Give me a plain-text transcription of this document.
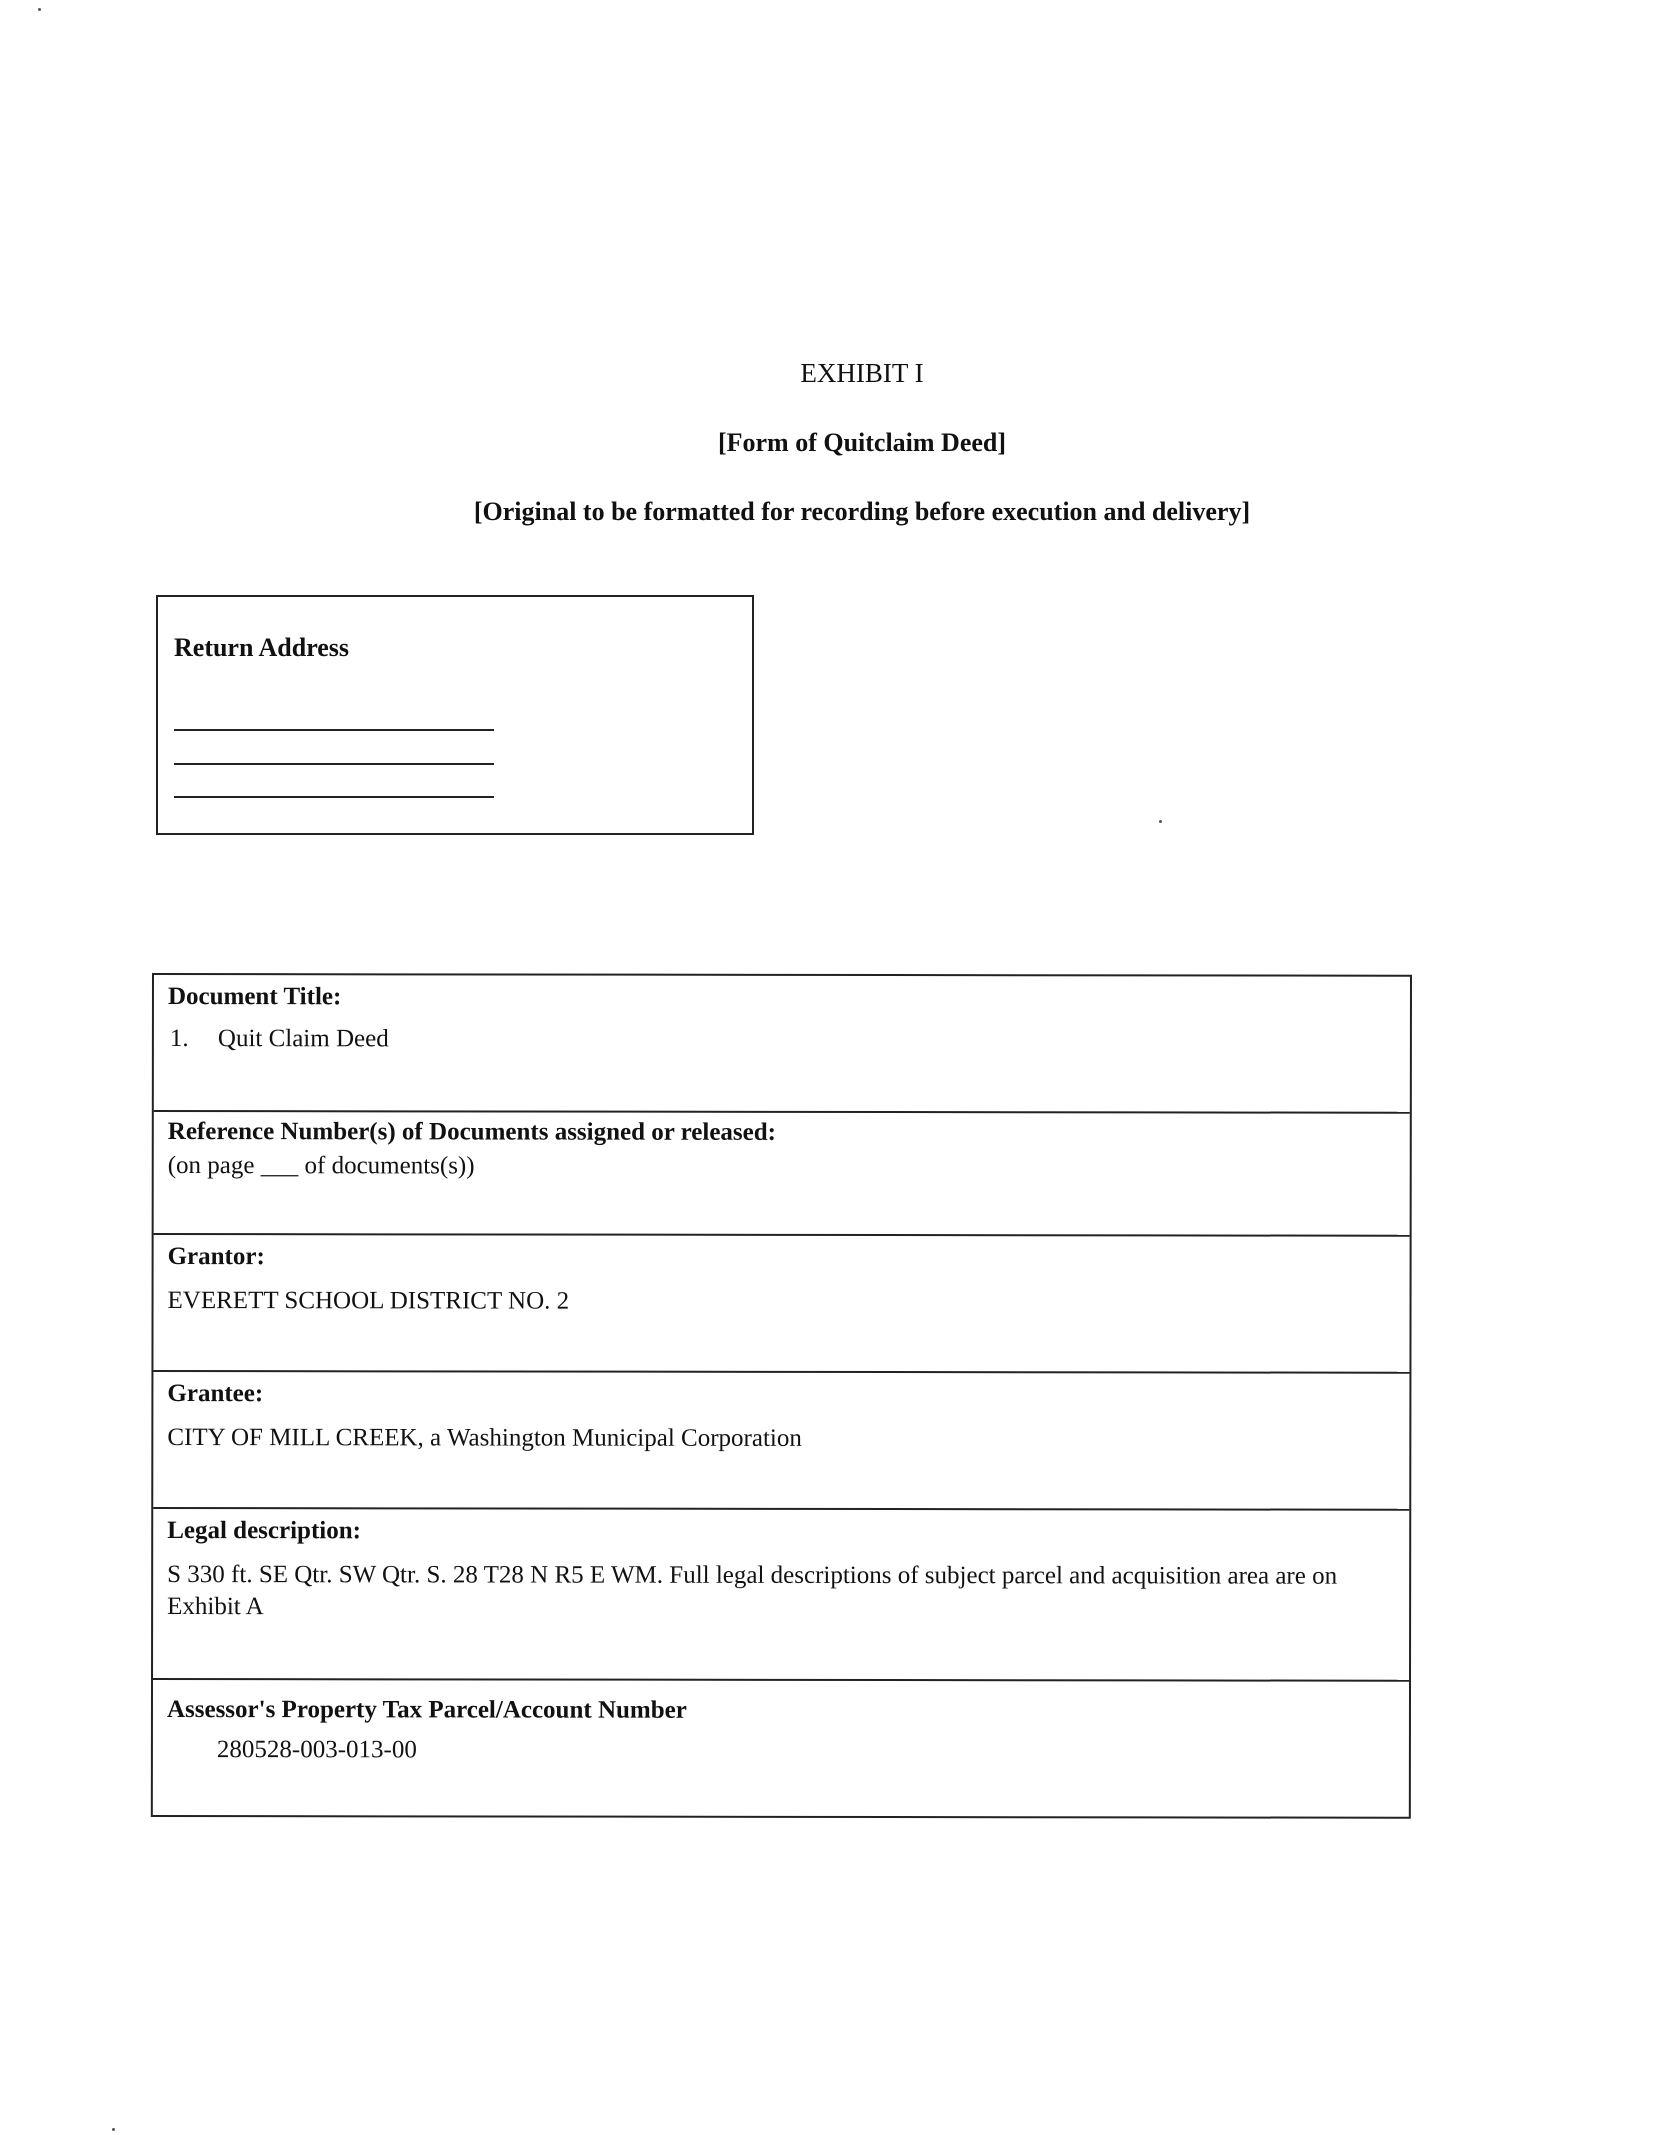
EXHIBIT I
[Form of Quitclaim Deed]
[Original to be formatted for recording before execution and delivery]
Return Address
Document Title:
1. Quit Claim Deed
Reference Number(s) of Documents assigned or released:
(on page ___ of documents(s))
Grantor:
EVERETT SCHOOL DISTRICT NO. 2
Grantee:
CITY OF MILL CREEK, a Washington Municipal Corporation
Legal description:
S 330 ft. SE Qtr. SW Qtr. S. 28 T28 N R5 E WM. Full legal descriptions of subject parcel and acquisition area are on Exhibit A
Assessor's Property Tax Parcel/Account Number
280528-003-013-00
